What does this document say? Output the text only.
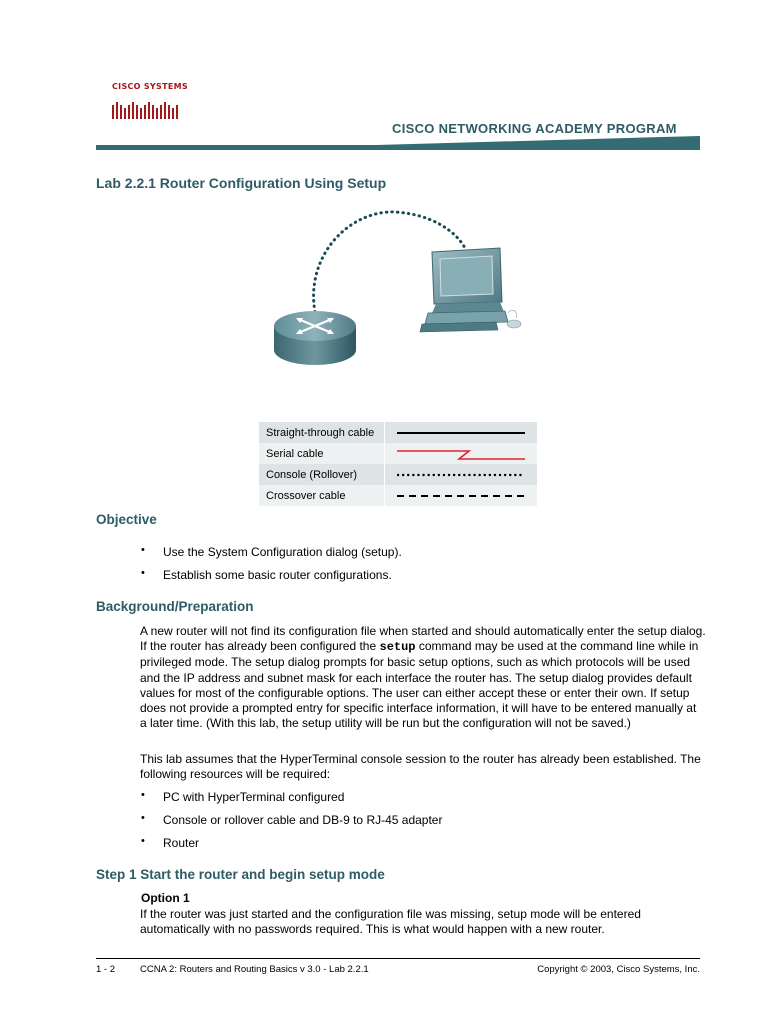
CISCO SYSTEMS
CISCO NETWORKING ACADEMY PROGRAM
Lab 2.2.1 Router Configuration Using Setup
Straight-through cable	

Serial cable	

Console (Rollover)	

Crossover cable	
Objective
• Use the System Configuration dialog (setup).
• Establish some basic router configurations.
Background/Preparation

A new router will not find its configuration file when started and should automatically enter the setup dialog. If the router has already been configured the setup command may be used at the command line while in privileged mode. The setup dialog prompts for basic setup options, such as which protocols will be used and the IP address and subnet mask for each interface the router has. The setup dialog provides default values for most of the configurable options. The user can either accept these or enter their own. If setup does not provide a prompted entry for specific interface information, it will have to be entered manually at a later time. (With this lab, the setup utility will be run but the configuration will not be saved.)

This lab assumes that the HyperTerminal console session to the router has already been established. The following resources will be required:

• PC with HyperTerminal configured
• Console or rollover cable and DB-9 to RJ-45 adapter
• Router
Step 1 Start the router and begin setup mode
Option 1

If the router was just started and the configuration file was missing, setup mode will be entered automatically with no passwords required. This is what would happen with a new router.

1 - 2	CCNA 2: Routers and Routing Basics v 3.0 - Lab 2.2.1	Copyright © 2003, Cisco Systems, Inc.
